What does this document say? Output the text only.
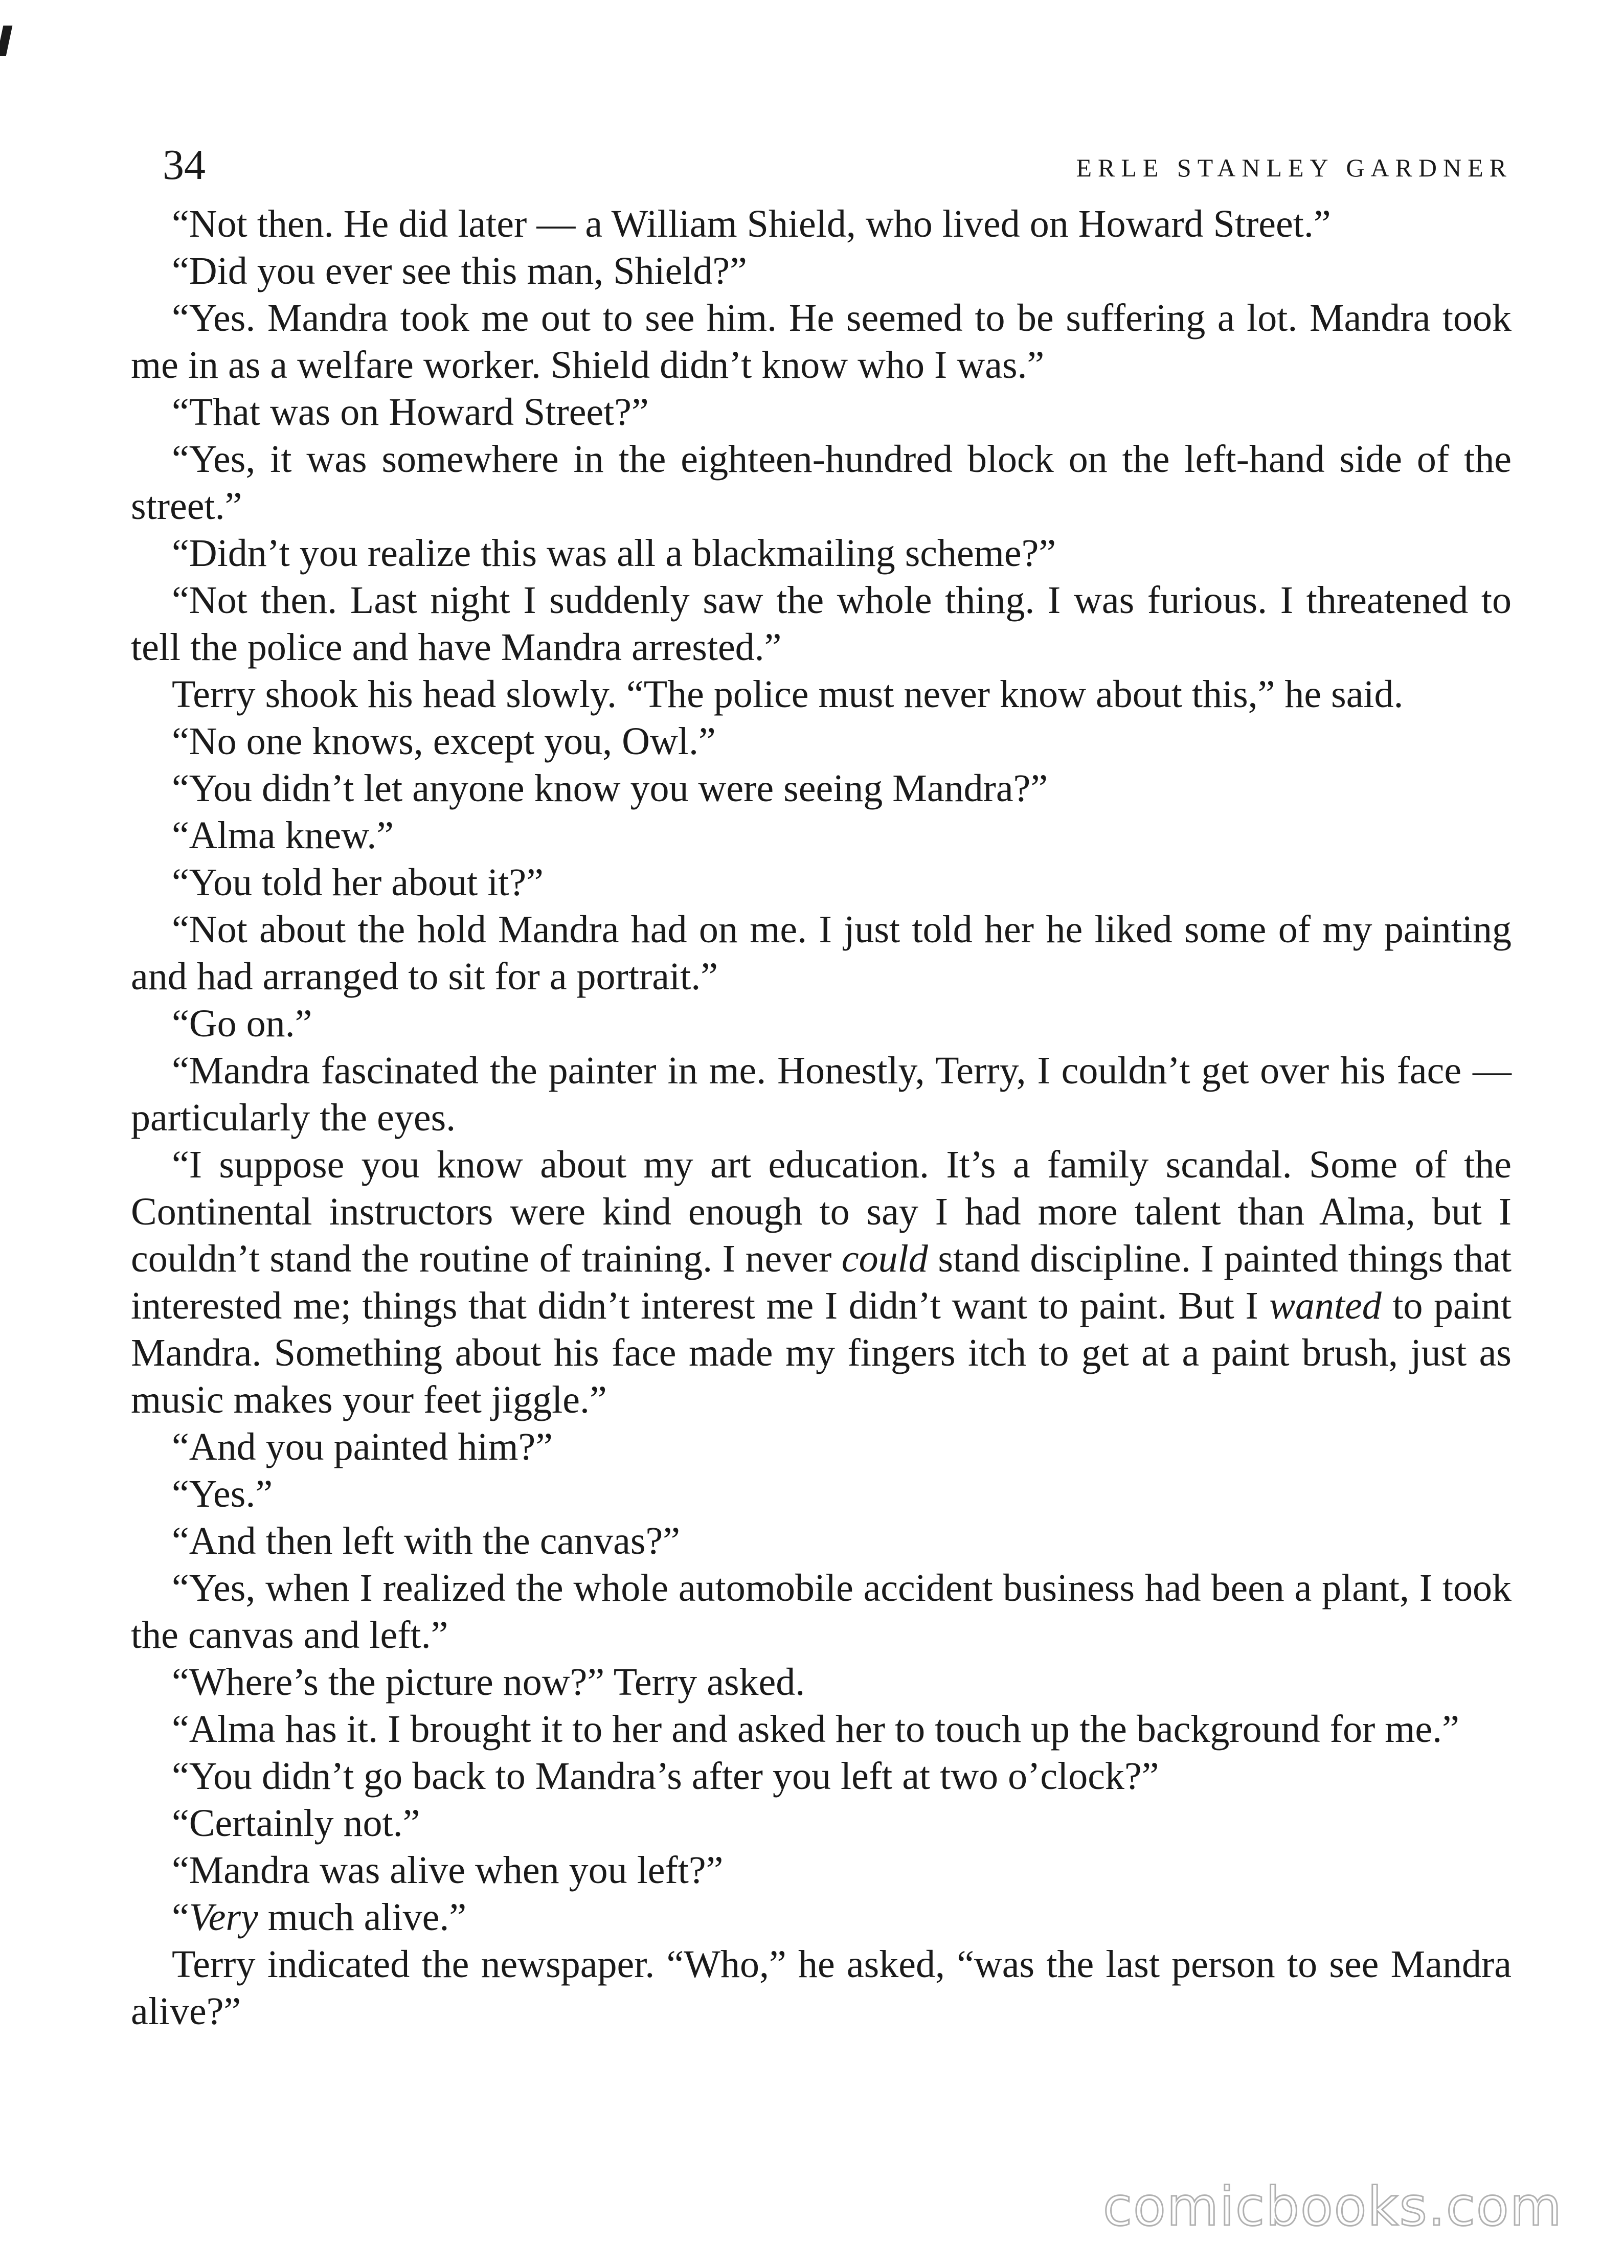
34	ERLE STANLEY GARDNER

“Not then. He did later — a William Shield, who lived on Howard Street.”

“Did you ever see this man, Shield?”

“Yes. Mandra took me out to see him. He seemed to be suffering a lot. Mandra took me in as a welfare worker. Shield didn’t know who I was.”

“That was on Howard Street?”

“Yes, it was somewhere in the eighteen-hundred block on the left-hand side of the street.”

“Didn’t you realize this was all a blackmailing scheme?”

“Not then. Last night I suddenly saw the whole thing. I was furious. I threatened to tell the police and have Mandra arrested.”

Terry shook his head slowly. “The police must never know about this,” he said.

“No one knows, except you, Owl.”

“You didn’t let anyone know you were seeing Mandra?”

“Alma knew.”

“You told her about it?”

“Not about the hold Mandra had on me. I just told her he liked some of my painting and had arranged to sit for a portrait.”

“Go on.”

“Mandra fascinated the painter in me. Honestly, Terry, I couldn’t get over his face — particularly the eyes.

“I suppose you know about my art education. It’s a family scandal. Some of the Continental instructors were kind enough to say I had more talent than Alma, but I couldn’t stand the routine of training. I never could stand discipline. I painted things that interested me; things that didn’t interest me I didn’t want to paint. But I wanted to paint Mandra. Something about his face made my fingers itch to get at a paint brush, just as music makes your feet jiggle.”

“And you painted him?”

“Yes.”

“And then left with the canvas?”

“Yes, when I realized the whole automobile accident business had been a plant, I took the canvas and left.”

“Where’s the picture now?” Terry asked.

“Alma has it. I brought it to her and asked her to touch up the background for me.”

“You didn’t go back to Mandra’s after you left at two o’clock?”

“Certainly not.”

“Mandra was alive when you left?”

“Very much alive.”

Terry indicated the newspaper. “Who,” he asked, “was the last person to see Mandra alive?”

comicbooks.com
